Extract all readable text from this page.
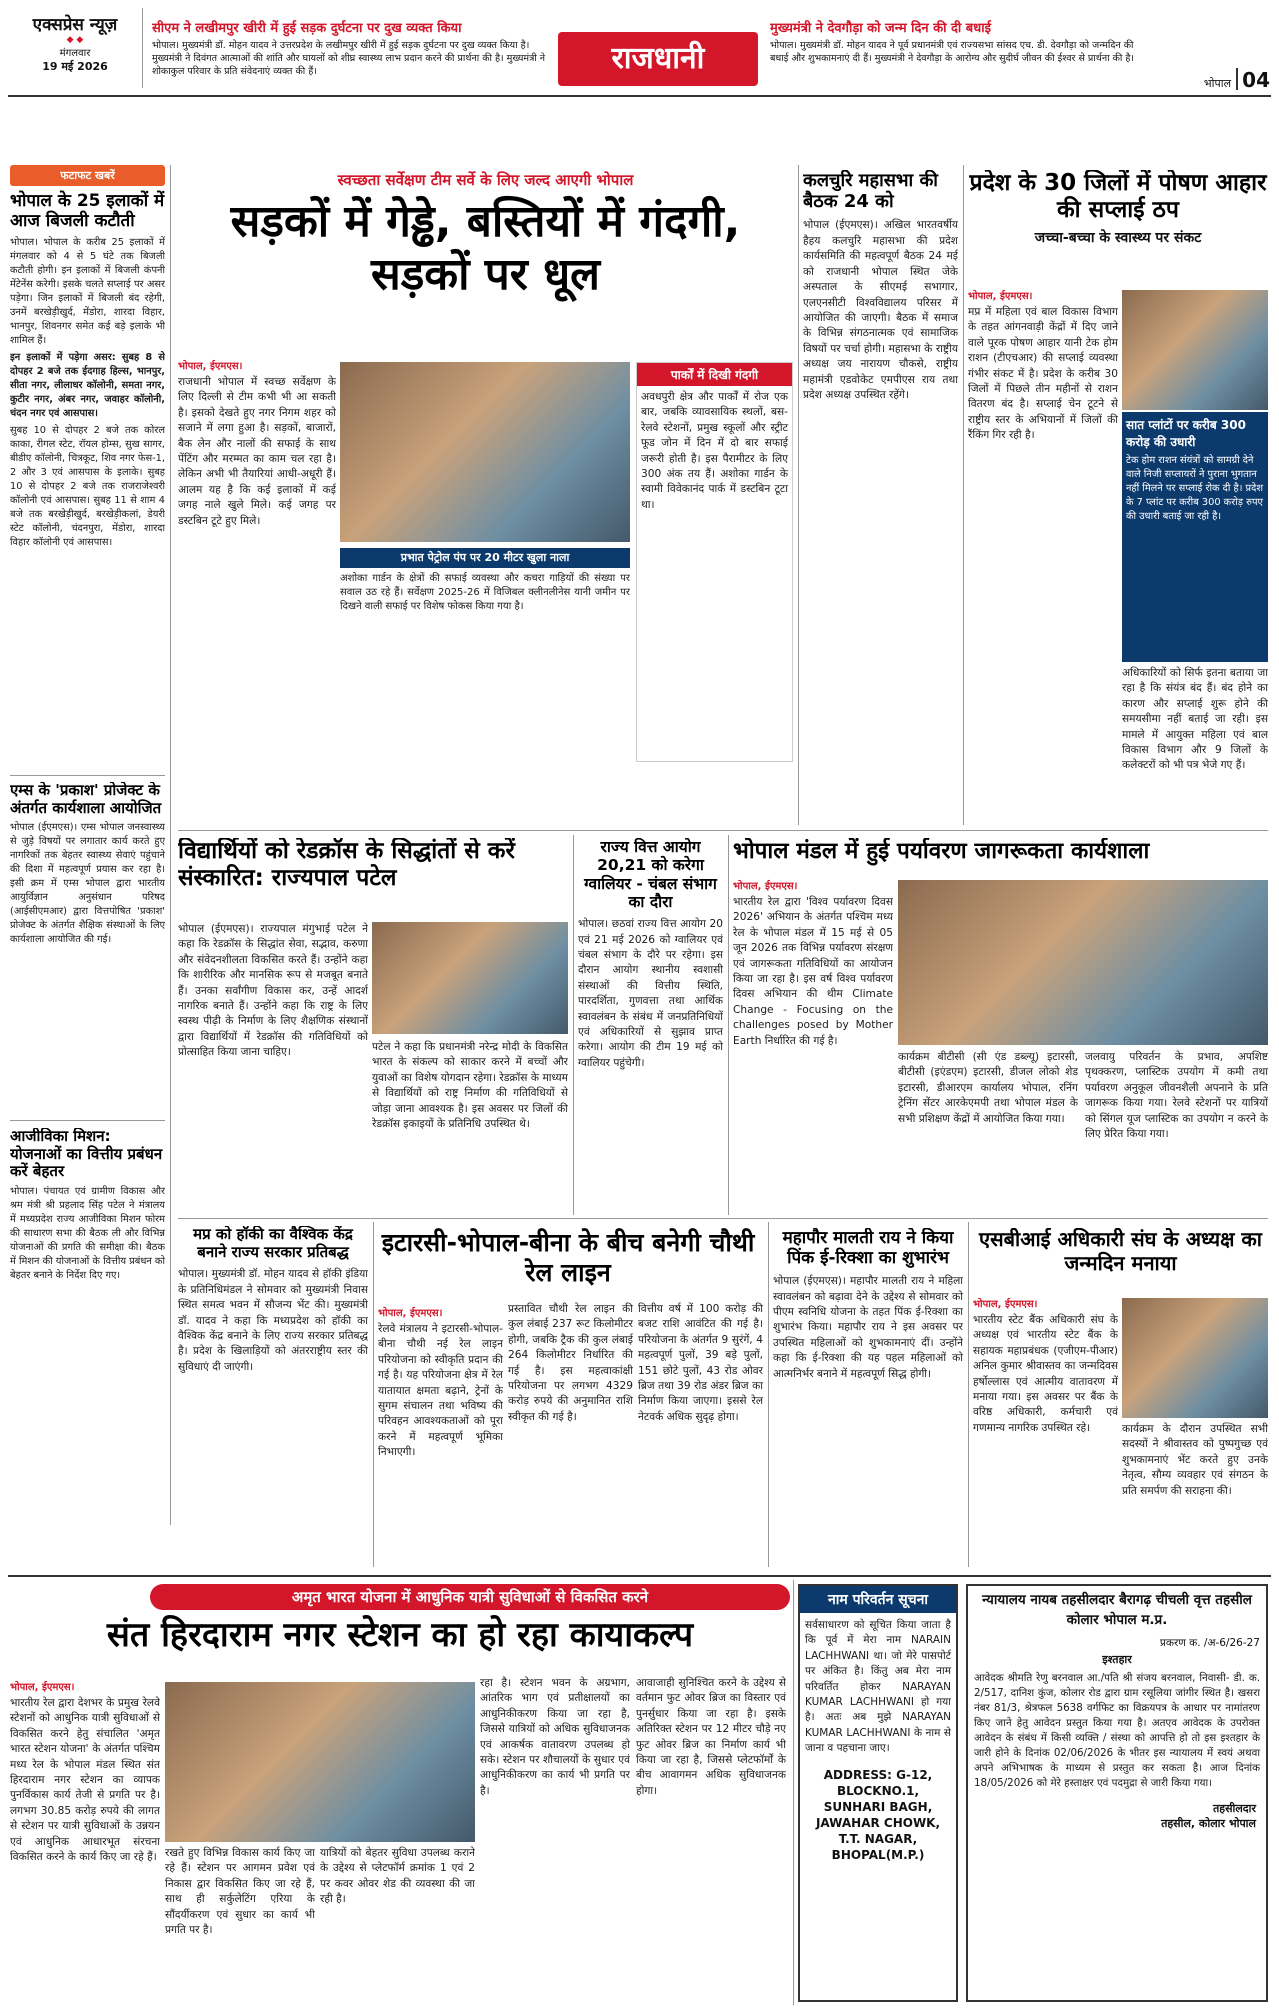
एक्सप्रेस न्यूज़
◆ ◆
मंगलवार
19 मई 2026
सीएम ने लखीमपुर खीरी में हुई सड़क दुर्घटना पर दुख व्यक्त किया
भोपाल। मुख्यमंत्री डॉ. मोहन यादव ने उत्तरप्रदेश के लखीमपुर खीरी में हुई सड़क दुर्घटना पर दुख व्यक्त किया है। मुख्यमंत्री ने दिवंगत आत्माओं की शांति और घायलों को शीघ्र स्वास्थ्य लाभ प्रदान करने की प्रार्थना की है। मुख्यमंत्री ने शोकाकुल परिवार के प्रति संवेदनाएं व्यक्त की हैं।	राजधानी
मुख्यमंत्री ने देवगौड़ा को जन्म दिन की दी बधाई
भोपाल। मुख्यमंत्री डॉ. मोहन यादव ने पूर्व प्रधानमंत्री एवं राज्यसभा सांसद एच. डी. देवगौड़ा को जन्मदिन की बधाई और शुभकामनाएं दी हैं। मुख्यमंत्री ने देवगौड़ा के आरोग्य और सुदीर्घ जीवन की ईश्वर से प्रार्थना की है।
भोपाल 04
फटाफट खबरें
भोपाल के 25 इलाकों में आज बिजली कटौती
भोपाल। भोपाल के करीब 25 इलाकों में मंगलवार को 4 से 5 घंटे तक बिजली कटौती होगी। इन इलाकों में बिजली कंपनी मेंटेनेंस करेगी। इसके चलते सप्लाई पर असर पड़ेगा। जिन इलाकों में बिजली बंद रहेगी, उनमें बरखेड़ीखुर्द, मेंडोरा, शारदा विहार, भानपुर, शिवनगर समेत कई बड़े इलाके भी शामिल हैं।
इन इलाकों में पड़ेगा असर: सुबह 8 से दोपहर 2 बजे तक ईदगाह हिल्स, भानपुर, सीता नगर, लीलाधर कॉलोनी, समता नगर, कुटीर नगर, अंबर नगर, जवाहर कॉलोनी, चंदन नगर एवं आसपास।
सुबह 10 से दोपहर 2 बजे तक कोरल काका, रीगल स्टेट, रॉयल होम्स, सुख सागर, बीडीए कॉलोनी, चित्रकूट, शिव नगर फेस-1, 2 और 3 एवं आसपास के इलाके। सुबह 10 से दोपहर 2 बजे तक राजराजेश्वरी कॉलोनी एवं आसपास। सुबह 11 से शाम 4 बजे तक बरखेड़ीखुर्द, बरखेड़ीकलां, डेयरी स्टेट कॉलोनी, चंदनपुरा, मेंडोरा, शारदा विहार कॉलोनी एवं आसपास।
एम्स के 'प्रकाश' प्रोजेक्ट के अंतर्गत कार्यशाला आयोजित
भोपाल (ईएमएस)। एम्स भोपाल जनस्वास्थ्य से जुड़े विषयों पर लगातार कार्य करते हुए नागरिकों तक बेहतर स्वास्थ्य सेवाएं पहुंचाने की दिशा में महत्वपूर्ण प्रयास कर रहा है। इसी क्रम में एम्स भोपाल द्वारा भारतीय आयुर्विज्ञान अनुसंधान परिषद (आईसीएमआर) द्वारा वित्तपोषित 'प्रकाश' प्रोजेक्ट के अंतर्गत शैक्षिक संस्थाओं के लिए कार्यशाला आयोजित की गई।
आजीविका मिशन: योजनाओं का वित्तीय प्रबंधन करें बेहतर
भोपाल। पंचायत एवं ग्रामीण विकास और श्रम मंत्री श्री प्रहलाद सिंह पटेल ने मंत्रालय में मध्यप्रदेश राज्य आजीविका मिशन फोरम की साधारण सभा की बैठक ली और विभिन्न योजनाओं की प्रगति की समीक्षा की। बैठक में मिशन की योजनाओं के वित्तीय प्रबंधन को बेहतर बनाने के निर्देश दिए गए।
स्वच्छता सर्वेक्षण टीम सर्वे के लिए जल्द आएगी भोपाल
सड़कों में गेड्ढे, बस्तियों में गंदगी, सड़कों पर धूल
भोपाल, ईएमएस।
राजधानी भोपाल में स्वच्छ सर्वेक्षण के लिए दिल्ली से टीम कभी भी आ सकती है। इसको देखते हुए नगर निगम शहर को सजाने में लगा हुआ है। सड़कों, बाजारों, बैक लेन और नालों की सफाई के साथ पेंटिंग और मरम्मत का काम चल रहा है। लेकिन अभी भी तैयारियां आधी-अधूरी हैं। आलम यह है कि कई इलाकों में कई जगह नाले खुले मिले। कई जगह पर डस्टबिन टूटे हुए मिले।
प्रभात पेट्रोल पंप पर 20 मीटर खुला नाला
अशोका गार्डन के क्षेत्रों की सफाई व्यवस्था और कचरा गाड़ियों की संख्या पर सवाल उठ रहे हैं। सर्वेक्षण 2025-26 में विजिबल क्लीनलीनेस यानी जमीन पर दिखने वाली सफाई पर विशेष फोकस किया गया है।
पार्कों में दिखी गंदगी
अवधपुरी क्षेत्र और पार्कों में रोज एक बार, जबकि व्यावसायिक स्थलों, बस-रेलवे स्टेशनों, प्रमुख स्कूलों और स्ट्रीट फूड जोन में दिन में दो बार सफाई जरूरी होती है। इस पैरामीटर के लिए 300 अंक तय हैं। अशोका गार्डन के स्वामी विवेकानंद पार्क में डस्टबिन टूटा था।
कलचुरि महासभा की बैठक 24 को
भोपाल (ईएमएस)। अखिल भारतवर्षीय हैहय कलचुरि महासभा की प्रदेश कार्यसमिति की महत्वपूर्ण बैठक 24 मई को राजधानी भोपाल स्थित जेके अस्पताल के सीएमई सभागार, एलएनसीटी विश्वविद्यालय परिसर में आयोजित की जाएगी। बैठक में समाज के विभिन्न संगठनात्मक एवं सामाजिक विषयों पर चर्चा होगी। महासभा के राष्ट्रीय अध्यक्ष जय नारायण चौकसे, राष्ट्रीय महामंत्री एडवोकेट एमपीएस राय तथा प्रदेश अध्यक्ष उपस्थित रहेंगे।
प्रदेश के 30 जिलों में पोषण आहार की सप्लाई ठप
जच्चा-बच्चा के स्वास्थ्य पर संकट
भोपाल, ईएमएस।
मप्र में महिला एवं बाल विकास विभाग के तहत आंगनवाड़ी केंद्रों में दिए जाने वाले पूरक पोषण आहार यानी टेक होम राशन (टीएचआर) की सप्लाई व्यवस्था गंभीर संकट में है। प्रदेश के करीब 30 जिलों में पिछले तीन महीनों से राशन वितरण बंद है। सप्लाई चेन टूटने से राष्ट्रीय स्तर के अभियानों में जिलों की रैंकिंग गिर रही है।
सात प्लांटों पर करीब 300 करोड़ की उधारी
टेक होम राशन संयंत्रों को सामग्री देने वाले निजी सप्लायरों ने पुराना भुगतान नहीं मिलने पर सप्लाई रोक दी है। प्रदेश के 7 प्लांट पर करीब 300 करोड़ रुपए की उधारी बताई जा रही है।
अधिकारियों को सिर्फ इतना बताया जा रहा है कि संयंत्र बंद हैं। बंद होने का कारण और सप्लाई शुरू होने की समयसीमा नहीं बताई जा रही। इस मामले में आयुक्त महिला एवं बाल विकास विभाग और 9 जिलों के कलेक्टरों को भी पत्र भेजे गए हैं।
विद्यार्थियों को रेडक्रॉस के सिद्धांतों से करें संस्कारित: राज्यपाल पटेल
भोपाल (ईएमएस)। राज्यपाल मंगुभाई पटेल ने कहा कि रेडक्रॉस के सिद्धांत सेवा, सद्भाव, करुणा और संवेदनशीलता विकसित करते हैं। उन्होंने कहा कि शारीरिक और मानसिक रूप से मजबूत बनाते हैं। उनका सर्वांगीण विकास कर, उन्हें आदर्श नागरिक बनाते हैं। उन्होंने कहा कि राष्ट्र के लिए स्वस्थ पीढ़ी के निर्माण के लिए शैक्षणिक संस्थानों द्वारा विद्यार्थियों में रेडक्रॉस की गतिविधियों को प्रोत्साहित किया जाना चाहिए।	पटेल ने कहा कि प्रधानमंत्री नरेन्द्र मोदी के विकसित भारत के संकल्प को साकार करने में बच्चों और युवाओं का विशेष योगदान रहेगा। रेडक्रॉस के माध्यम से विद्यार्थियों को राष्ट्र निर्माण की गतिविधियों से जोड़ा जाना आवश्यक है। इस अवसर पर जिलों की रेडक्रॉस इकाइयों के प्रतिनिधि उपस्थित थे।
राज्य वित्त आयोग 20,21 को करेगा ग्वालियर - चंबल संभाग का दौरा
भोपाल। छठवां राज्य वित्त आयोग 20 एवं 21 मई 2026 को ग्वालियर एवं चंबल संभाग के दौरे पर रहेगा। इस दौरान आयोग स्थानीय स्वशासी संस्थाओं की वित्तीय स्थिति, पारदर्शिता, गुणवत्ता तथा आर्थिक स्वावलंबन के संबंध में जनप्रतिनिधियों एवं अधिकारियों से सुझाव प्राप्त करेगा। आयोग की टीम 19 मई को ग्वालियर पहुंचेगी।
भोपाल मंडल में हुई पर्यावरण जागरूकता कार्यशाला
भोपाल, ईएमएस।
भारतीय रेल द्वारा 'विश्व पर्यावरण दिवस 2026' अभियान के अंतर्गत पश्चिम मध्य रेल के भोपाल मंडल में 15 मई से 05 जून 2026 तक विभिन्न पर्यावरण संरक्षण एवं जागरूकता गतिविधियों का आयोजन किया जा रहा है। इस वर्ष विश्व पर्यावरण दिवस अभियान की थीम Climate Change - Focusing on the challenges posed by Mother Earth निर्धारित की गई है।
कार्यक्रम बीटीसी (सी एंड डब्ल्यू) इटारसी, बीटीसी (इएंडएम) इटारसी, डीजल लोको शेड इटारसी, डीआरएम कार्यालय भोपाल, रनिंग ट्रेनिंग सेंटर आरकेएमपी तथा भोपाल मंडल के सभी प्रशिक्षण केंद्रों में आयोजित किया गया।
जलवायु परिवर्तन के प्रभाव, अपशिष्ट पृथक्करण, प्लास्टिक उपयोग में कमी तथा पर्यावरण अनुकूल जीवनशैली अपनाने के प्रति जागरूक किया गया। रेलवे स्टेशनों पर यात्रियों को सिंगल यूज प्लास्टिक का उपयोग न करने के लिए प्रेरित किया गया।
मप्र को हॉकी का वैश्विक केंद्र बनाने राज्य सरकार प्रतिबद्ध
भोपाल। मुख्यमंत्री डॉ. मोहन यादव से हॉकी इंडिया के प्रतिनिधिमंडल ने सोमवार को मुख्यमंत्री निवास स्थित समत्व भवन में सौजन्य भेंट की। मुख्यमंत्री डॉ. यादव ने कहा कि मध्यप्रदेश को हॉकी का वैश्विक केंद्र बनाने के लिए राज्य सरकार प्रतिबद्ध है। प्रदेश के खिलाड़ियों को अंतरराष्ट्रीय स्तर की सुविधाएं दी जाएंगी।
इटारसी-भोपाल-बीना के बीच बनेगी चौथी रेल लाइन
भोपाल, ईएमएस।
रेलवे मंत्रालय ने इटारसी-भोपाल-बीना चौथी नई रेल लाइन परियोजना को स्वीकृति प्रदान की गई है। यह परियोजना क्षेत्र में रेल यातायात क्षमता बढ़ाने, ट्रेनों के सुगम संचालन तथा भविष्य की परिवहन आवश्यकताओं को पूरा करने में महत्वपूर्ण भूमिका निभाएगी।
प्रस्तावित चौथी रेल लाइन की कुल लंबाई 237 रूट किलोमीटर होगी, जबकि ट्रैक की कुल लंबाई 264 किलोमीटर निर्धारित की गई है। इस महत्वाकांक्षी परियोजना पर लगभग 4329 करोड़ रुपये की अनुमानित राशि स्वीकृत की गई है।
वित्तीय वर्ष में 100 करोड़ की बजट राशि आवंटित की गई है। परियोजना के अंतर्गत 9 सुरंगें, 4 महत्वपूर्ण पुलों, 39 बड़े पुलों, 151 छोटे पुलों, 43 रोड ओवर ब्रिज तथा 39 रोड अंडर ब्रिज का निर्माण किया जाएगा। इससे रेल नेटवर्क अधिक सुदृढ़ होगा।
महापौर मालती राय ने किया पिंक ई-रिक्शा का शुभारंभ
भोपाल (ईएमएस)। महापौर मालती राय ने महिला स्वावलंबन को बढ़ावा देने के उद्देश्य से सोमवार को पीएम स्वनिधि योजना के तहत पिंक ई-रिक्शा का शुभारंभ किया। महापौर राय ने इस अवसर पर उपस्थित महिलाओं को शुभकामनाएं दीं। उन्होंने कहा कि ई-रिक्शा की यह पहल महिलाओं को आत्मनिर्भर बनाने में महत्वपूर्ण सिद्ध होगी।
एसबीआई अधिकारी संघ के अध्यक्ष का जन्मदिन मनाया
भोपाल, ईएमएस।
भारतीय स्टेट बैंक अधिकारी संघ के अध्यक्ष एवं भारतीय स्टेट बैंक के सहायक महाप्रबंधक (एजीएम-पीआर) अनिल कुमार श्रीवास्तव का जन्मदिवस हर्षोल्लास एवं आत्मीय वातावरण में मनाया गया। इस अवसर पर बैंक के वरिष्ठ अधिकारी, कर्मचारी एवं गणमान्य नागरिक उपस्थित रहे।	कार्यक्रम के दौरान उपस्थित सभी सदस्यों ने श्रीवास्तव को पुष्पगुच्छ एवं शुभकामनाएं भेंट करते हुए उनके नेतृत्व, सौम्य व्यवहार एवं संगठन के प्रति समर्पण की सराहना की।
अमृत भारत योजना में आधुनिक यात्री सुविधाओं से विकसित करने
संत हिरदाराम नगर स्टेशन का हो रहा कायाकल्प
भोपाल, ईएमएस।
भारतीय रेल द्वारा देशभर के प्रमुख रेलवे स्टेशनों को आधुनिक यात्री सुविधाओं से विकसित करने हेतु संचालित 'अमृत भारत स्टेशन योजना' के अंतर्गत पश्चिम मध्य रेल के भोपाल मंडल स्थित संत हिरदाराम नगर स्टेशन का व्यापक पुनर्विकास कार्य तेजी से प्रगति पर है। लगभग 30.85 करोड़ रुपये की लागत से स्टेशन पर यात्री सुविधाओं के उन्नयन एवं आधुनिक आधारभूत संरचना विकसित करने के कार्य किए जा रहे हैं। रखते हुए विभिन्न विकास कार्य किए जा रहे हैं। स्टेशन पर आगमन प्रवेश एवं निकास द्वार विकसित किए जा रहे हैं, साथ ही सर्कुलेटिंग एरिया के सौंदर्यीकरण एवं सुधार का कार्य भी प्रगति पर है।
यात्रियों को बेहतर सुविधा उपलब्ध कराने के उद्देश्य से प्लेटफॉर्म क्रमांक 1 एवं 2 पर कवर ओवर शेड की व्यवस्था की जा रही है।
रहा है। स्टेशन भवन के अग्रभाग, आंतरिक भाग एवं प्रतीक्षालयों का आधुनिकीकरण किया जा रहा है, जिससे यात्रियों को अधिक सुविधाजनक एवं आकर्षक वातावरण उपलब्ध हो सके। स्टेशन पर शौचालयों के सुधार एवं आधुनिकीकरण का कार्य भी प्रगति पर है।
आवाजाही सुनिश्चित करने के उद्देश्य से वर्तमान फुट ओवर ब्रिज का विस्तार एवं पुनर्सुधार किया जा रहा है। इसके अतिरिक्त स्टेशन पर 12 मीटर चौड़े नए फुट ओवर ब्रिज का निर्माण कार्य भी किया जा रहा है, जिससे प्लेटफॉर्मों के बीच आवागमन अधिक सुविधाजनक होगा।
नाम परिवर्तन सूचना
सर्वसाधारण को सूचित किया जाता है कि पूर्व में मेरा नाम NARAIN LACHHWANI था। जो मेरे पासपोर्ट पर अंकित है। किंतु अब मेरा नाम परिवर्तित होकर NARAYAN KUMAR LACHHWANI हो गया है। अतः अब मुझे NARAYAN KUMAR LACHHWANI के नाम से जाना व पहचाना जाए।
ADDRESS: G-12, BLOCKNO.1, SUNHARI BAGH, JAWAHAR CHOWK, T.T. NAGAR, BHOPAL(M.P.)
न्यायालय नायब तहसीलदार बैरागढ़ चीचली वृत्त तहसील कोलार भोपाल म.प्र.
प्रकरण क. /अ-6/26-27
इश्तहार
आवेदक श्रीमति रेणु बरनवाल आ./पति श्री संजय बरनवाल, निवासी- डी. क. 2/517, दानिश कुंज, कोलार रोड द्वारा ग्राम रसूलिया जांगीर स्थित है। खसरा नंबर 81/3, श्रेत्रफल 5638 वर्गफिट का विक्रयपत्र के आधार पर नामांतरण किए जाने हेतु आवेदन प्रस्तुत किया गया है। अतएव आवेदक के उपरोक्त आवेदन के संबंध में किसी व्यक्ति / संस्था को आपत्ति हो तो इस इश्तहार के जारी होने के दिनांक 02/06/2026 के भीतर इस न्यायालय में स्वयं अथवा अपने अभिभाषक के माध्यम से प्रस्तुत कर सकता है। आज दिनांक 18/05/2026 को मेरे हस्ताक्षर एवं पदमुद्रा से जारी किया गया।
तहसीलदार
तहसील, कोलार भोपाल
